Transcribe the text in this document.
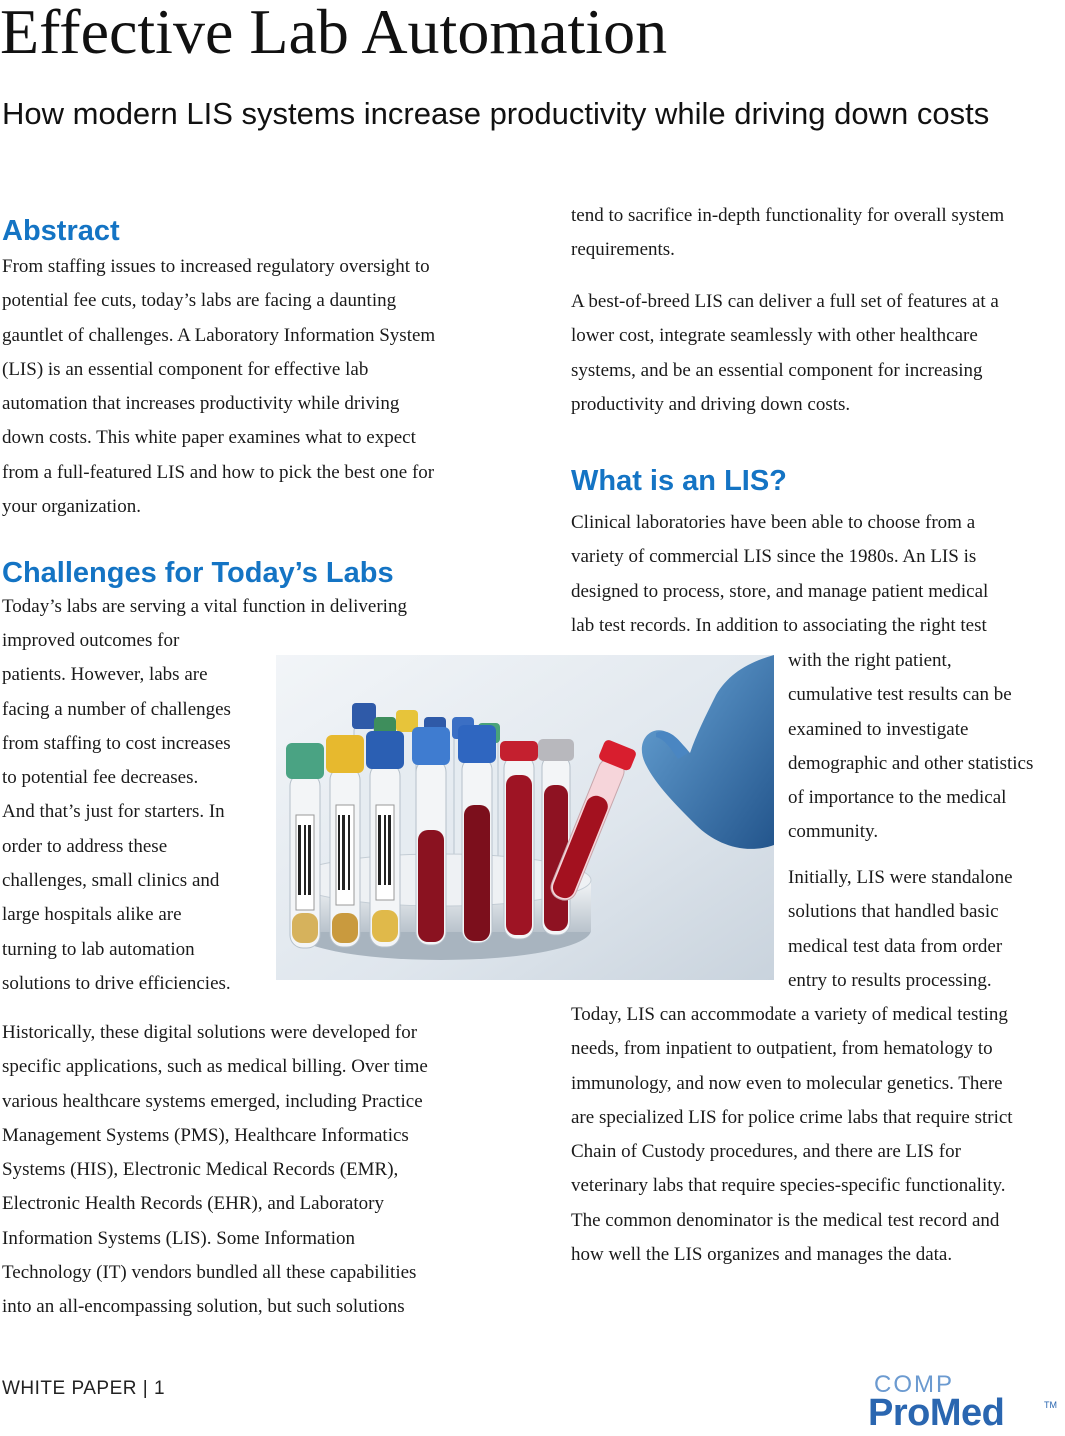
Effective Lab Automation
How modern LIS systems increase productivity while driving down costs
Abstract
From staffing issues to increased regulatory oversight to
potential fee cuts, today’s labs are facing a daunting
gauntlet of challenges. A Laboratory Information System
(LIS) is an essential component for effective lab
automation that increases productivity while driving
down costs. This white paper examines what to expect
from a full-featured LIS and how to pick the best one for
your organization.
Challenges for Today’s Labs
Today’s labs are serving a vital function in delivering
improved outcomes for
patients. However, labs are
facing a number of challenges
from staffing to cost increases
to potential fee decreases.
And that’s just for starters. In
order to address these
challenges, small clinics and
large hospitals alike are
turning to lab automation
solutions to drive efficiencies.
Historically, these digital solutions were developed for
specific applications, such as medical billing. Over time
various healthcare systems emerged, including Practice
Management Systems (PMS), Healthcare Informatics
Systems (HIS), Electronic Medical Records (EMR),
Electronic Health Records (EHR), and Laboratory
Information Systems (LIS). Some Information
Technology (IT) vendors bundled all these capabilities
into an all-encompassing solution, but such solutions
tend to sacrifice in-depth functionality for overall system
requirements.
A best-of-breed LIS can deliver a full set of features at a
lower cost, integrate seamlessly with other healthcare
systems, and be an essential component for increasing
productivity and driving down costs.
What is an LIS?
Clinical laboratories have been able to choose from a
variety of commercial LIS since the 1980s. An LIS is
designed to process, store, and manage patient medical
lab test records. In addition to associating the right test
with the right patient,
cumulative test results can be
examined to investigate
demographic and other statistics
of importance to the medical
community.
Initially, LIS were standalone
solutions that handled basic
medical test data from order
entry to results processing.
Today, LIS can accommodate a variety of medical testing
needs, from inpatient to outpatient, from hematology to
immunology, and now even to molecular genetics. There
are specialized LIS for police crime labs that require strict
Chain of Custody procedures, and there are LIS for
veterinary labs that require species-specific functionality.
The common denominator is the medical test record and
how well the LIS organizes and manages the data.
WHITE PAPER | 1	COMP
ProMed	TM
